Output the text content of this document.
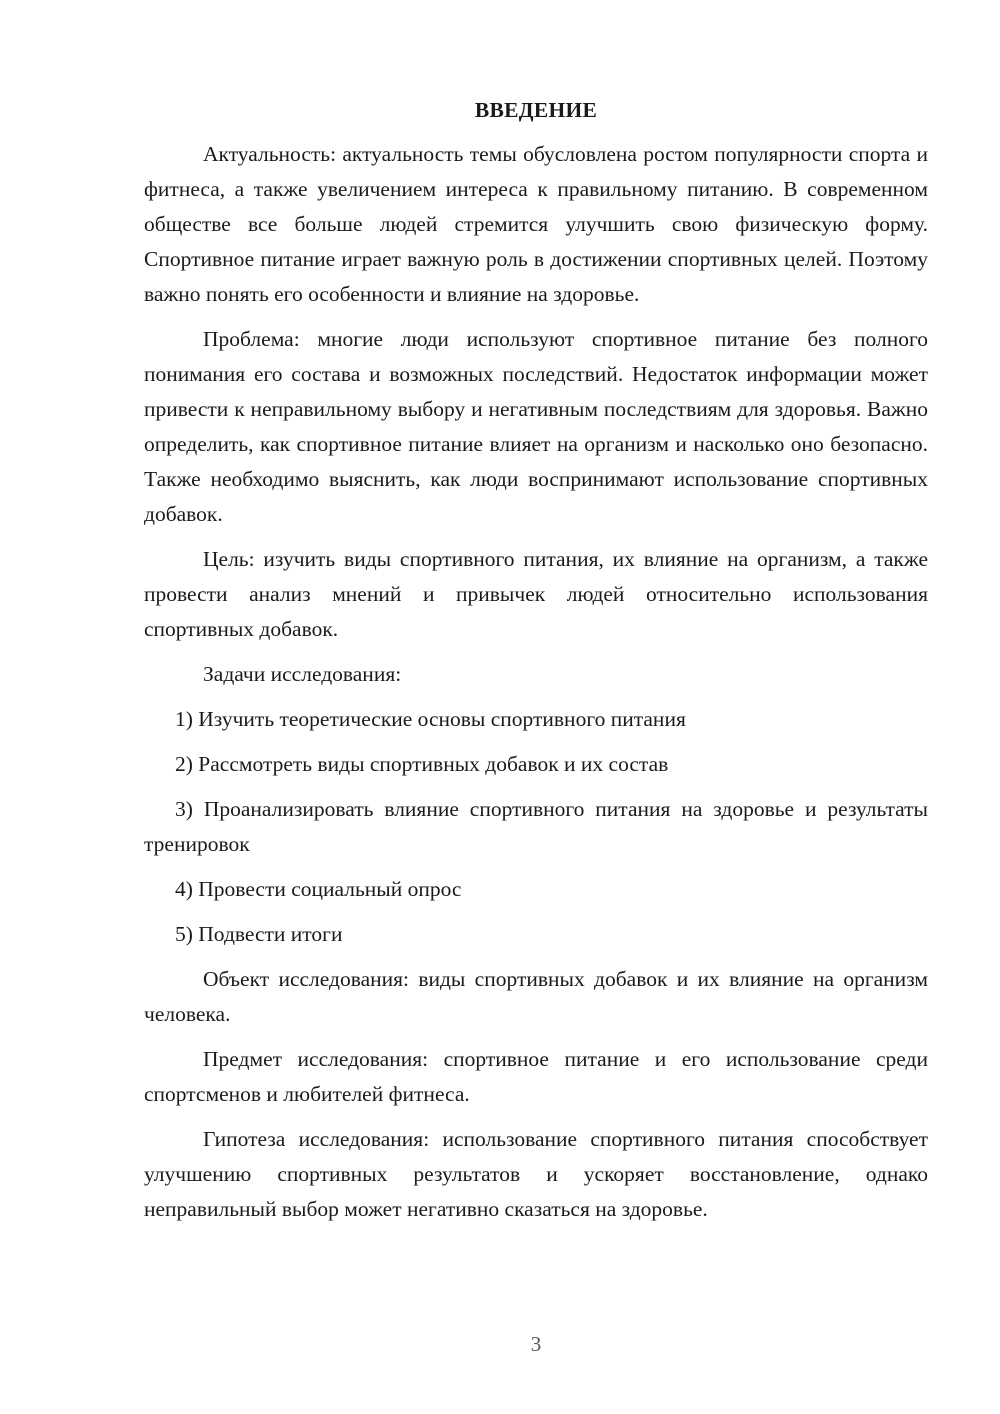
ВВЕДЕНИЕ

Актуальность: актуальность темы обусловлена ростом популярности спорта и фитнеса, а также увеличением интереса к правильному питанию. В современном обществе все больше людей стремится улучшить свою физическую форму. Спортивное питание играет важную роль в достижении спортивных целей. Поэтому важно понять его особенности и влияние на здоровье.

Проблема: многие люди используют спортивное питание без полного понимания его состава и возможных последствий. Недостаток информации может привести к неправильному выбору и негативным последствиям для здоровья. Важно определить, как спортивное питание влияет на организм и насколько оно безопасно. Также необходимо выяснить, как люди воспринимают использование спортивных добавок.

Цель: изучить виды спортивного питания, их влияние на организм, а также провести анализ мнений и привычек людей относительно использования спортивных добавок.

Задачи исследования:

1) Изучить теоретические основы спортивного питания

2) Рассмотреть виды спортивных добавок и их состав

3) Проанализировать влияние спортивного питания на здоровье и результаты тренировок

4) Провести социальный опрос

5) Подвести итоги

Объект исследования: виды спортивных добавок и их влияние на организм человека.

Предмет исследования: спортивное питание и его использование среди спортсменов и любителей фитнеса.

Гипотеза исследования: использование спортивного питания способствует улучшению спортивных результатов и ускоряет восстановление, однако неправильный выбор может негативно сказаться на здоровье.

3
